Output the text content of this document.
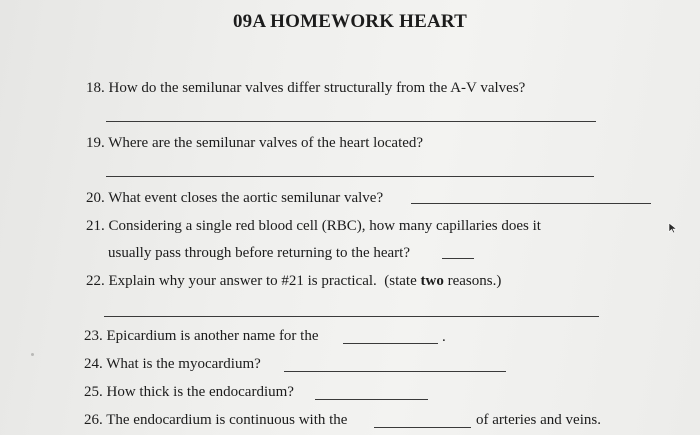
09A HOMEWORK HEART
18. How do the semilunar valves differ structurally from the A-V valves?
19. Where are the semilunar valves of the heart located?
20. What event closes the aortic semilunar valve?
21. Considering a single red blood cell (RBC), how many capillaries does it
usually pass through before returning to the heart?
22. Explain why your answer to #21 is practical.  (state two reasons.)
23. Epicardium is another name for the	.
24. What is the myocardium?
25. How thick is the endocardium?
26. The endocardium is continuous with the	of arteries and veins.
